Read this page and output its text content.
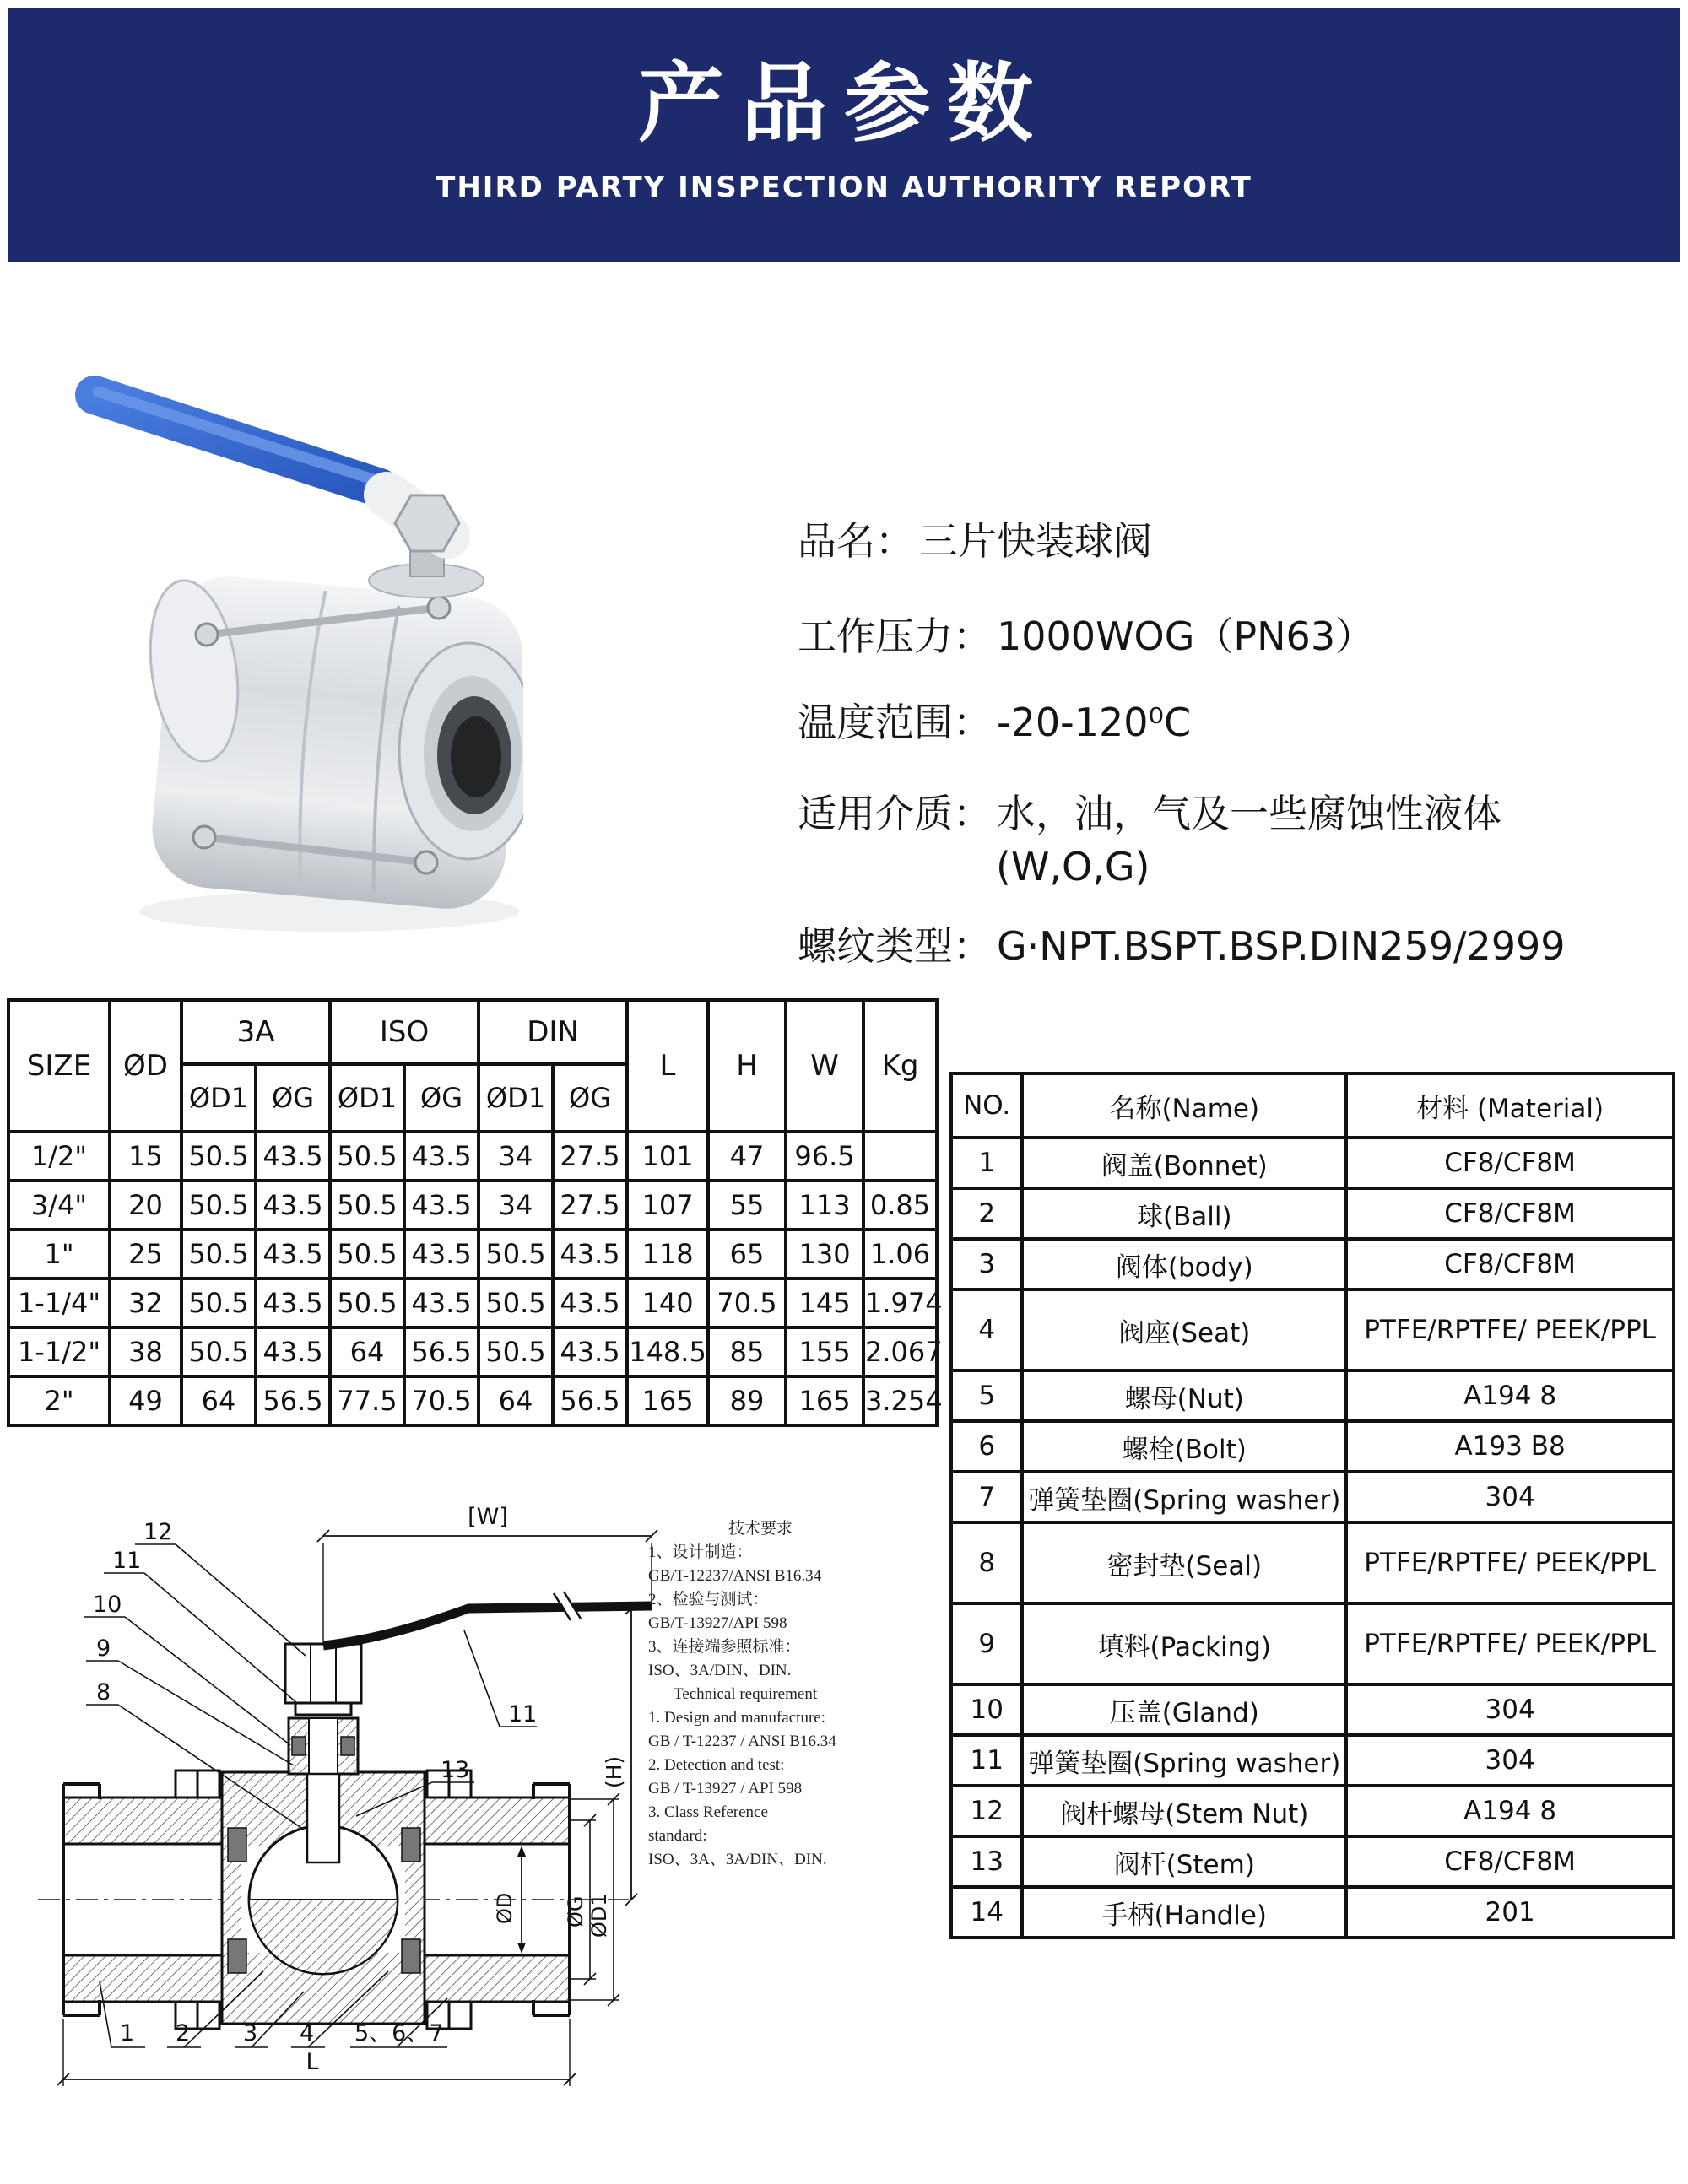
产品参数
THIRD PARTY INSPECTION AUTHORITY REPORT
品名： 三片快装球阀
工作压力： 1000WOG（PN63）
温度范围： -20-120⁰C
适用介质： 水，油，气及一些腐蚀性液体
(W,O,G)
螺纹类型： G·NPT.BSPT.BSP.DIN259/2999
SIZE	ØD	3A		ISO		DIN		L	H	W	Kg
		ØD1	ØG	ØD1	ØG	ØD1	ØG				
1/2"	15	50.5	43.5	50.5	43.5	34	27.5	101	47	96.5	
3/4"	20	50.5	43.5	50.5	43.5	34	27.5	107	55	113	0.85
1"	25	50.5	43.5	50.5	43.5	50.5	43.5	118	65	130	1.06
1-1/4"	32	50.5	43.5	50.5	43.5	50.5	43.5	140	70.5	145	1.974
1-1/2"	38	50.5	43.5	64	56.5	50.5	43.5	148.5	85	155	2.067
2"	49	64	56.5	77.5	70.5	64	56.5	165	89	165	3.254
NO.	名称(Name)	材料 (Material)
1	阀盖(Bonnet)	CF8/CF8M
2	球(Ball)	CF8/CF8M
3	阀体(body)	CF8/CF8M
4	阀座(Seat)	PTFE/RPTFE/ PEEK/PPL
5	螺母(Nut)	A194 8
6	螺栓(Bolt)	A193 B8
7	弹簧垫圈(Spring washer)	304
8	密封垫(Seal)	PTFE/RPTFE/ PEEK/PPL
9	填料(Packing)	PTFE/RPTFE/ PEEK/PPL
10	压盖(Gland)	304
11	弹簧垫圈(Spring washer)	304
12	阀杆螺母(Stem Nut)	A194 8
13	阀杆(Stem)	CF8/CF8M
14	手柄(Handle)	201
[W]
(H)
ØD ØG ØD1
L
12
11
10
9
8
13
11
1 2 3 4 5、6、7
技术要求
1、设计制造：
GB/T-12237/ANSI B16.34
2、检验与测试：
GB/T-13927/API 598
3、连接端参照标准：
ISO、3A/DIN、DIN.
Technical requirement
1. Design and manufacture:
GB / T-12237 / ANSI B16.34
2. Detection and test:
GB / T-13927 / API 598
3. Class Reference
standard:
ISO、3A、3A/DIN、DIN.
